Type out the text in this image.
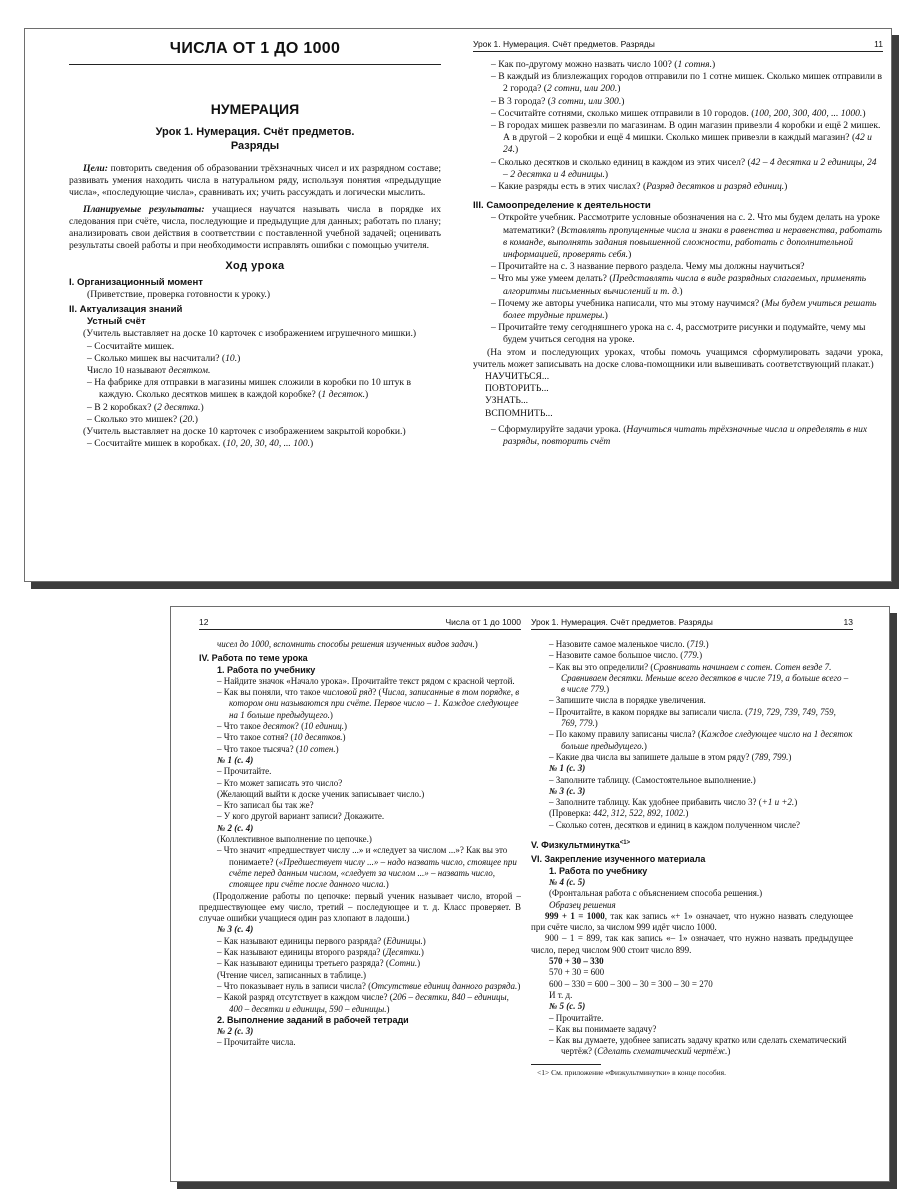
ЧИСЛА ОТ 1 ДО 1000
НУМЕРАЦИЯ
Урок 1. Нумерация. Счёт предметов.
Разряды

Цели: повторить сведения об образовании трёхзначных чисел и их разрядном составе; развивать умения находить числа в натуральном ряду, используя понятия «предыдущие числа», «последующие числа», сравнивать их; учить рассуждать и логически мыслить.

Планируемые результаты: учащиеся научатся называть числа в порядке их следования при счёте, числа, последующие и предыдущие для данных; работать по плану; анализировать свои действия в соответствии с поставленной учебной задачей; оценивать результаты своей работы и при необходимости исправлять ошибки с помощью учителя.

Ход урока
I. Организационный момент
(Приветствие, проверка готовности к уроку.)
II. Актуализация знаний
Устный счёт

(Учитель выставляет на доске 10 карточек с изображением игрушечного мишки.)

– Сосчитайте мишек.
– Сколько мишек вы насчитали? (10.)
Число 10 называют десятком.
– На фабрике для отправки в магазины мишек сложили в коробки по 10 штук в каждую. Сколько десятков мишек в каждой коробке? (1 десяток.)
– В 2 коробках? (2 десятка.)
– Сколько это мишек? (20.)

(Учитель выставляет на доске 10 карточек с изображением закрытой коробки.)

– Сосчитайте мишек в коробках. (10, 20, 30, 40, ... 100.)
Урок 1. Нумерация. Счёт предметов. Разряды	11
– Как по-другому можно назвать число 100? (1 сотня.)
– В каждый из близлежащих городов отправили по 1 сотне мишек. Сколько мишек отправили в 2 города? (2 сотни, или 200.)
– В 3 города? (3 сотни, или 300.)
– Сосчитайте сотнями, сколько мишек отправили в 10 городов. (100, 200, 300, 400, ... 1000.)
– В городах мишек развезли по магазинам. В один магазин привезли 4 коробки и ещё 2 мишек. А в другой – 2 коробки и ещё 4 мишки. Сколько мишек привезли в каждый магазин? (42 и 24.)
– Сколько десятков и сколько единиц в каждом из этих чисел? (42 – 4 десятка и 2 единицы, 24 – 2 десятка и 4 единицы.)
– Какие разряды есть в этих числах? (Разряд десятков и разряд единиц.)
III. Самоопределение к деятельности
– Откройте учебник. Рассмотрите условные обозначения на с. 2. Что мы будем делать на уроке математики? (Вставлять пропущенные числа и знаки в равенства и неравенства, работать в команде, выполнять задания повышенной сложности, работать с дополнительной информацией, проверять себя.)
– Прочитайте на с. 3 название первого раздела. Чему мы должны научиться?
– Что мы уже умеем делать? (Представлять числа в виде разрядных слагаемых, применять алгоритмы письменных вычислений и т. д.)
– Почему же авторы учебника написали, что мы этому научимся? (Мы будем учиться решать более трудные примеры.)
– Прочитайте тему сегодняшнего урока на с. 4, рассмотрите рисунки и подумайте, чему мы будем учиться сегодня на уроке.

(На этом и последующих уроках, чтобы помочь учащимся сформулировать задачи урока, учитель может записывать на доске слова-помощники или вывешивать соответствующий плакат.)

НАУЧИТЬСЯ...
ПОВТОРИТЬ...
УЗНАТЬ...
ВСПОМНИТЬ...
– Сформулируйте задачи урока. (Научиться читать трёхзначные числа и определять в них разряды, повторить счёт
12	Числа от 1 до 1000
чисел до 1000, вспомнить способы решения изученных видов задач.)
IV. Работа по теме урока
1. Работа по учебнику
– Найдите значок «Начало урока». Прочитайте текст рядом с красной чертой.
– Как вы поняли, что такое числовой ряд? (Числа, записанные в том порядке, в котором они называются при счёте. Первое число – 1. Каждое следующее на 1 больше предыдущего.)
– Что такое десяток? (10 единиц.)
– Что такое сотня? (10 десятков.)
– Что такое тысяча? (10 сотен.)
№ 1 (с. 4)
– Прочитайте.
– Кто может записать это число?
(Желающий выйти к доске ученик записывает число.)
– Кто записал бы так же?
– У кого другой вариант записи? Докажите.
№ 2 (с. 4)
(Коллективное выполнение по цепочке.)
– Что значит «предшествует числу ...» и «следует за числом ...»? Как вы это понимаете? («Предшествует числу ...» – надо назвать число, стоящее при счёте перед данным числом, «следует за числом ...» – назвать число, стоящее при счёте после данного числа.)

(Продолжение работы по цепочке: первый ученик называет число, второй – предшествующее ему число, третий – последующее и т. д. Класс проверяет. В случае ошибки учащиеся один раз хлопают в ладоши.)

№ 3 (с. 4)
– Как называют единицы первого разряда? (Единицы.)
– Как называют единицы второго разряда? (Десятки.)
– Как называют единицы третьего разряда? (Сотни.)
(Чтение чисел, записанных в таблице.)
– Что показывает нуль в записи числа? (Отсутствие единиц данного разряда.)
– Какой разряд отсутствует в каждом числе? (206 – десятки, 840 – единицы, 400 – десятки и единицы, 590 – единицы.)
2. Выполнение заданий в рабочей тетради
№ 2 (с. 3)
– Прочитайте числа.
Урок 1. Нумерация. Счёт предметов. Разряды	13
– Назовите самое маленькое число. (719.)
– Назовите самое большое число. (779.)
– Как вы это определили? (Сравнивать начинаем с сотен. Сотен везде 7. Сравниваем десятки. Меньше всего десятков в числе 719, а больше всего – в числе 779.)
– Запишите числа в порядке увеличения.
– Прочитайте, в каком порядке вы записали числа. (719, 729, 739, 749, 759, 769, 779.)
– По какому правилу записаны числа? (Каждое следующее число на 1 десяток больше предыдущего.)
– Какие два числа вы запишете дальше в этом ряду? (789, 799.)
№ 1 (с. 3)
– Заполните таблицу. (Самостоятельное выполнение.)
№ 3 (с. 3)
– Заполните таблицу. Как удобнее прибавить число 3? (+1 и +2.)
(Проверка: 442, 312, 522, 892, 1002.)
– Сколько сотен, десятков и единиц в каждом полученном числе?
V. Физкультминутка$^{<1>}$
VI. Закрепление изученного материала
1. Работа по учебнику
№ 4 (с. 5)
(Фронтальная работа с объяснением способа решения.)
Образец решения

999 + 1 = 1000, так как запись «+ 1» означает, что нужно назвать следующее при счёте число, за числом 999 идёт число 1000.

900 – 1 = 899, так как запись «– 1» означает, что нужно назвать предыдущее число, перед числом 900 стоит число 899.

570 + 30 – 330
570 + 30 = 600
600 – 330 = 600 – 300 – 30 = 300 – 30 = 270
И т. д.
№ 5 (с. 5)
– Прочитайте.
– Как вы понимаете задачу?
– Как вы думаете, удобнее записать задачу кратко или сделать схематический чертёж? (Сделать схематический чертёж.)
<1> См. приложение «Физкультминутки» в конце пособия.
